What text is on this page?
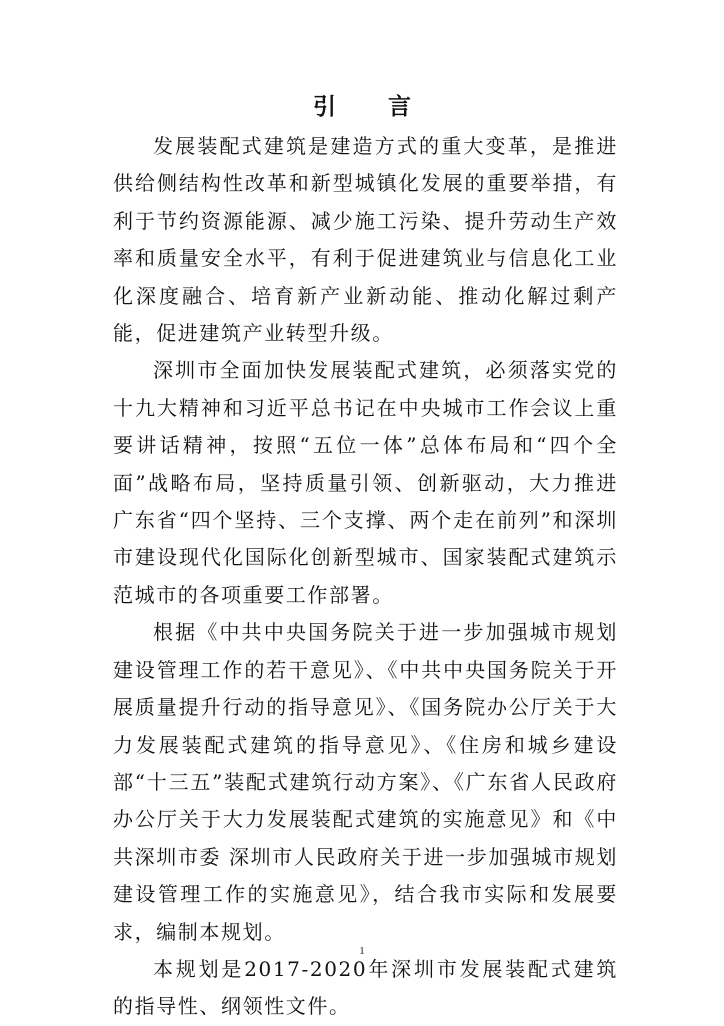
引 言

发展装配式建筑是建造方式的重大变革，是推进供给侧结构性改革和新型城镇化发展的重要举措，有利于节约资源能源、减少施工污染、提升劳动生产效率和质量安全水平，有利于促进建筑业与信息化工业化深度融合、培育新产业新动能、推动化解过剩产能，促进建筑产业转型升级。

深圳市全面加快发展装配式建筑，必须落实党的十九大精神和习近平总书记在中央城市工作会议上重要讲话精神，按照“五位一体”总体布局和“四个全面”战略布局，坚持质量引领、创新驱动，大力推进广东省“四个坚持、三个支撑、两个走在前列”和深圳市建设现代化国际化创新型城市、国家装配式建筑示范城市的各项重要工作部署。

根据《中共中央国务院关于进一步加强城市规划建设管理工作的若干意见》、《中共中央国务院关于开展质量提升行动的指导意见》、《国务院办公厅关于大力发展装配式建筑的指导意见》、《住房和城乡建设部“十三五”装配式建筑行动方案》、《广东省人民政府办公厅关于大力发展装配式建筑的实施意见》和《中共深圳市委 深圳市人民政府关于进一步加强城市规划建设管理工作的实施意见》，结合我市实际和发展要求，编制本规划。

本规划是2017-2020年深圳市发展装配式建筑的指导性、纲领性文件。

1
